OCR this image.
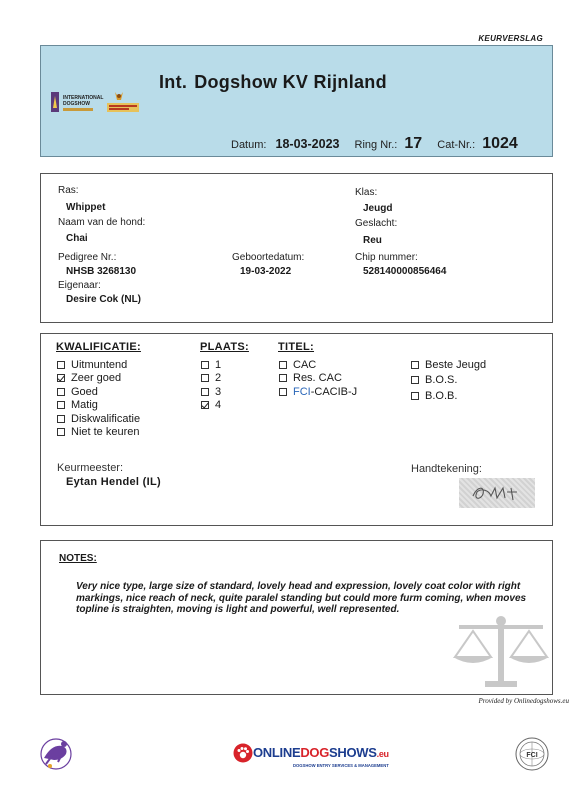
KEURVERSLAG
Int. Dogshow KV Rijnland
INTERNATIONAL
DOGSHOW
Datum: 18-03-2023 Ring Nr.: 17 Cat-Nr.: 1024
Ras:
Whippet
Naam van de hond:
Chai
Pedigree Nr.:
NHSB 3268130
Eigenaar:
Desire Cok (NL)
Geboortedatum:
19-03-2022
Klas:
Jeugd
Geslacht:
Reu
Chip nummer:
528140000856464
KWALIFICATIE:
Uitmuntend
Zeer goed
Goed
Matig
Diskwalificatie
Niet te keuren
PLAATS:
1
2
3
4
TITEL:
CAC
Res. CAC
FCI -CACIB-J
Beste Jeugd
B.O.S.
B.O.B.
Keurmeester:
Eytan Hendel (IL)
Handtekening:
NOTES:
Very nice type, large size of standard, lovely head and expression, lovely coat color with right markings, nice reach of neck, quite paralel standing but could more furm coming, when moves topline is straighten, moving is light and powerful, well represented.
Provided by Onlinedogshows.eu
ONLINEDOGSHOWS.eu
DOGSHOW ENTRY SERVICES & MANAGEMENT
FCI
